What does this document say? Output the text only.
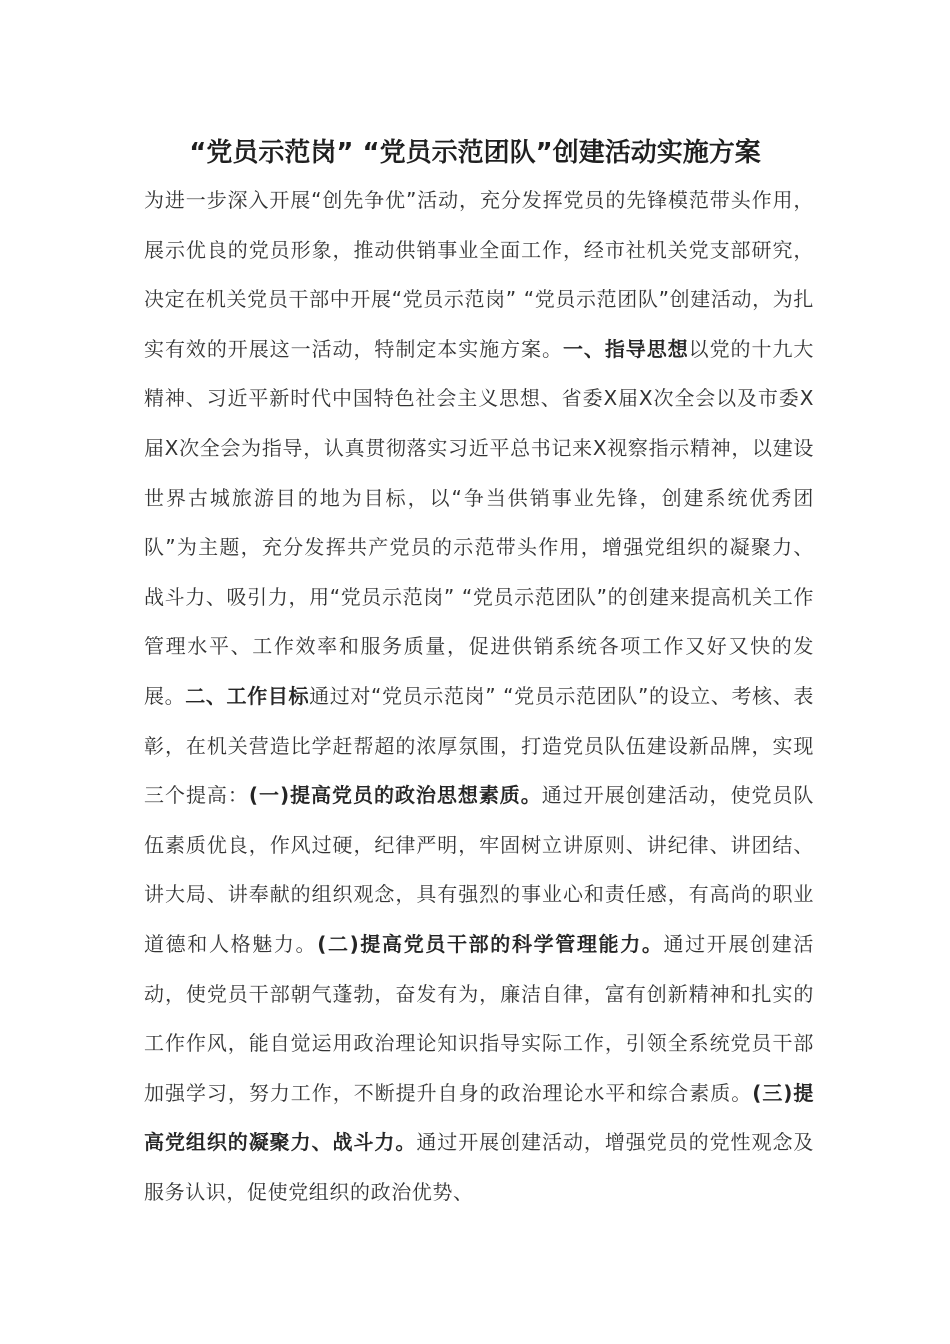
“党员示范岗” “党员示范团队”创建活动实施方案

为进一步深入开展“创先争优”活动，充分发挥党员的先锋模范带头作用，展示优良的党员形象，推动供销事业全面工作，经市社机关党支部研究，决定在机关党员干部中开展“党员示范岗” “党员示范团队”创建活动，为扎实有效的开展这一活动，特制定本实施方案。一、指导思想以党的十九大精神、习近平新时代中国特色社会主义思想、省委X届X次全会以及市委X届X次全会为指导，认真贯彻落实习近平总书记来X视察指示精神，以建设世界古城旅游目的地为目标，以“争当供销事业先锋，创建系统优秀团队”为主题，充分发挥共产党员的示范带头作用，增强党组织的凝聚力、战斗力、吸引力，用“党员示范岗” “党员示范团队”的创建来提高机关工作管理水平、工作效率和服务质量，促进供销系统各项工作又好又快的发展。二、工作目标通过对“党员示范岗” “党员示范团队”的设立、考核、表彰，在机关营造比学赶帮超的浓厚氛围，打造党员队伍建设新品牌，实现三个提高：(一)提高党员的政治思想素质。通过开展创建活动，使党员队伍素质优良，作风过硬，纪律严明，牢固树立讲原则、讲纪律、讲团结、讲大局、讲奉献的组织观念，具有强烈的事业心和责任感，有高尚的职业道德和人格魅力。(二)提高党员干部的科学管理能力。通过开展创建活动，使党员干部朝气蓬勃，奋发有为，廉洁自律，富有创新精神和扎实的工作作风，能自觉运用政治理论知识指导实际工作，引领全系统党员干部加强学习，努力工作，不断提升自身的政治理论水平和综合素质。(三)提高党组织的凝聚力、战斗力。通过开展创建活动，增强党员的党性观念及服务认识，促使党组织的政治优势、
